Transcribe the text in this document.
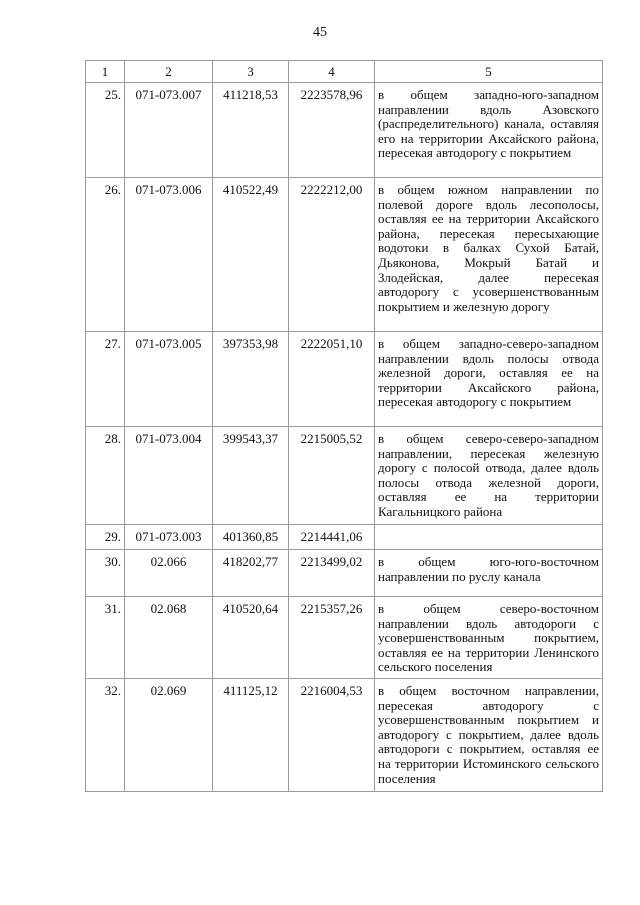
45
1	2	3	4	5
25.	071-073.007	411218,53	2223578,96	в общем западно-юго-западном направлении вдоль Азовского (распределительного) канала, оставляя его на территории Аксайского района, пересекая автодорогу с покрытием
26.	071-073.006	410522,49	2222212,00	в общем южном направлении по полевой дороге вдоль лесополосы, оставляя ее на территории Аксайского района, пересекая пересыхающие водотоки в балках Сухой Батай, Дьяконова, Мокрый Батай и Злодейская, далее пересекая автодорогу с усовершенствованным покрытием и железную дорогу
27.	071-073.005	397353,98	2222051,10	в общем западно-северо-западном направлении вдоль полосы отвода железной дороги, оставляя ее на территории Аксайского района, пересекая автодорогу с покрытием
28.	071-073.004	399543,37	2215005,52	в общем северо-северо-западном направлении, пересекая железную дорогу с полосой отвода, далее вдоль полосы отвода железной дороги, оставляя ее на территории Кагальницкого района
29.	071-073.003	401360,85	2214441,06	
30.	02.066	418202,77	2213499,02	в общем юго-юго-восточном направлении по руслу канала
31.	02.068	410520,64	2215357,26	в общем северо-восточном направлении вдоль автодороги с усовершенствованным покрытием, оставляя ее на территории Ленинского сельского поселения
32.	02.069	411125,12	2216004,53	в общем восточном направлении, пересекая автодорогу с усовершенствованным покрытием и автодорогу с покрытием, далее вдоль автодороги с покрытием, оставляя ее на территории Истоминского сельского поселения
